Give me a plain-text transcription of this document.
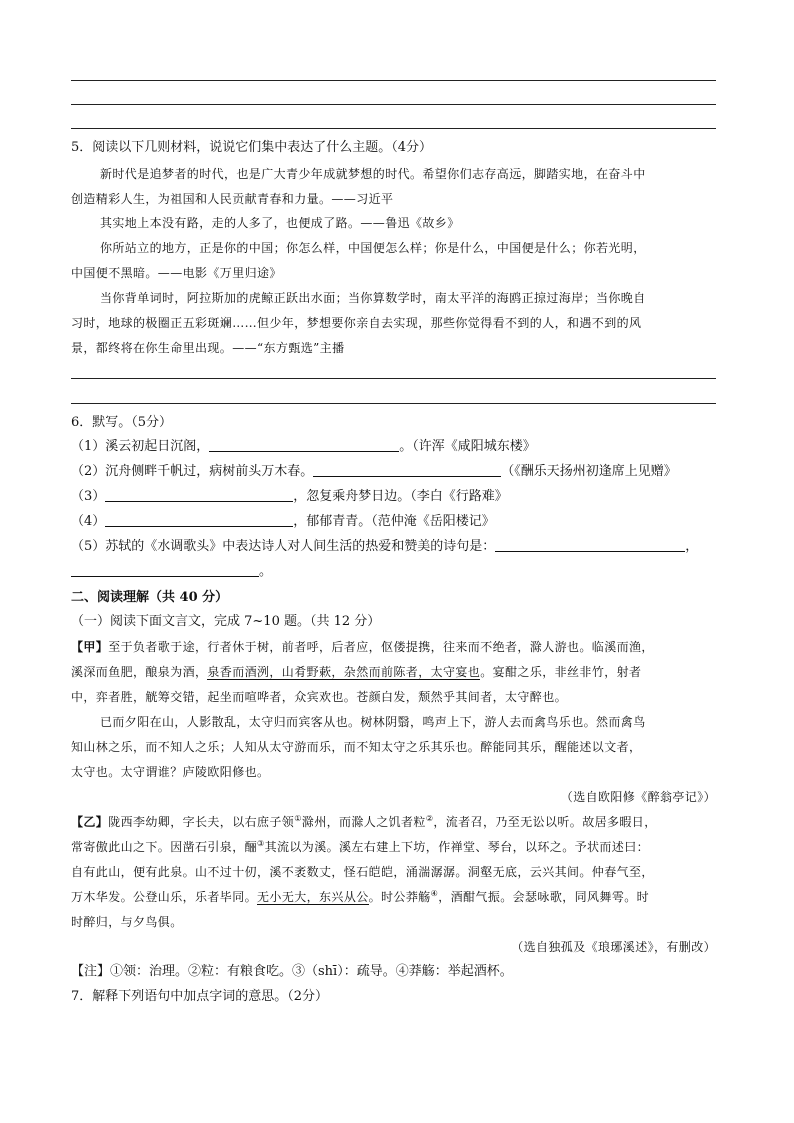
5．阅读以下几则材料，说说它们集中表达了什么主题。（4分）
新时代是追梦者的时代，也是广大青少年成就梦想的时代。希望你们志存高远，脚踏实地，在奋斗中
创造精彩人生，为祖国和人民贡献青春和力量。——习近平
其实地上本没有路，走的人多了，也便成了路。——鲁迅《故乡》
你所站立的地方，正是你的中国；你怎么样，中国便怎么样；你是什么，中国便是什么；你若光明，
中国便不黑暗。——电影《万里归途》
当你背单词时，阿拉斯加的虎鲸正跃出水面；当你算数学时，南太平洋的海鸥正掠过海岸；当你晚自
习时，地球的极圈正五彩斑斓……但少年，梦想要你亲自去实现，那些你觉得看不到的人，和遇不到的风
景，都终将在你生命里出现。——“东方甄选”主播
6．默写。（5分）
（1）溪云初起日沉阁，	。（许浑《咸阳城东楼》
（2）沉舟侧畔千帆过，病树前头万木春。	（《酬乐天扬州初逢席上见赠》
（3）	，忽复乘舟梦日边。（李白《行路难》
（4）	，郁郁青青。（范仲淹《岳阳楼记》
（5）苏轼的《水调歌头》中表达诗人对人间生活的热爱和赞美的诗句是：	，
。
二、阅读理解（共 40 分）
（一）阅读下面文言文，完成 7~10 题。（共 12 分）
【甲】至于负者歌于途，行者休于树，前者呼，后者应，伛偻提携，往来而不绝者，滁人游也。临溪而渔，
溪深而鱼肥，酿泉为酒，泉香而酒洌，山肴野蔌，杂然而前陈者，太守宴也。宴酣之乐，非丝非竹，射者
中，弈者胜，觥筹交错，起坐而喧哗者，众宾欢也。苍颜白发，颓然乎其间者，太守醉也。
已而夕阳在山，人影散乱，太守归而宾客从也。树林阴翳，鸣声上下，游人去而禽鸟乐也。然而禽鸟
知山林之乐，而不知人之乐；人知从太守游而乐，而不知太守之乐其乐也。醉能同其乐，醒能述以文者，
太守也。太守谓谁？庐陵欧阳修也。
（选自欧阳修《醉翁亭记》）
【乙】陇西李幼卿，字长夫，以右庶子领①滁州，而滁人之饥者粒②，流者召，乃至无讼以听。故居多暇日，
常寄傲此山之下。因凿石引泉，酾③其流以为溪。溪左右建上下坊，作禅堂、琴台，以环之。予状而述曰：
自有此山，便有此泉。山不过十仞，溪不袤数丈，怪石皑皑，涌湍潺潺。洞壑无底，云兴其间。仲春气至，
万木华发。公登山乐，乐者毕同。无小无大，东兴从公。时公莽觞④，酒酣气振。会瑟咏歌，同风舞雩。时
时醉归，与夕鸟俱。
（选自独孤及《琅琊溪述》，有删改）
【注】①领：治理。②粒：有粮食吃。③（shī）：疏导。④莽觞：举起酒杯。
7．解释下列语句中加点字词的意思。（2分）
